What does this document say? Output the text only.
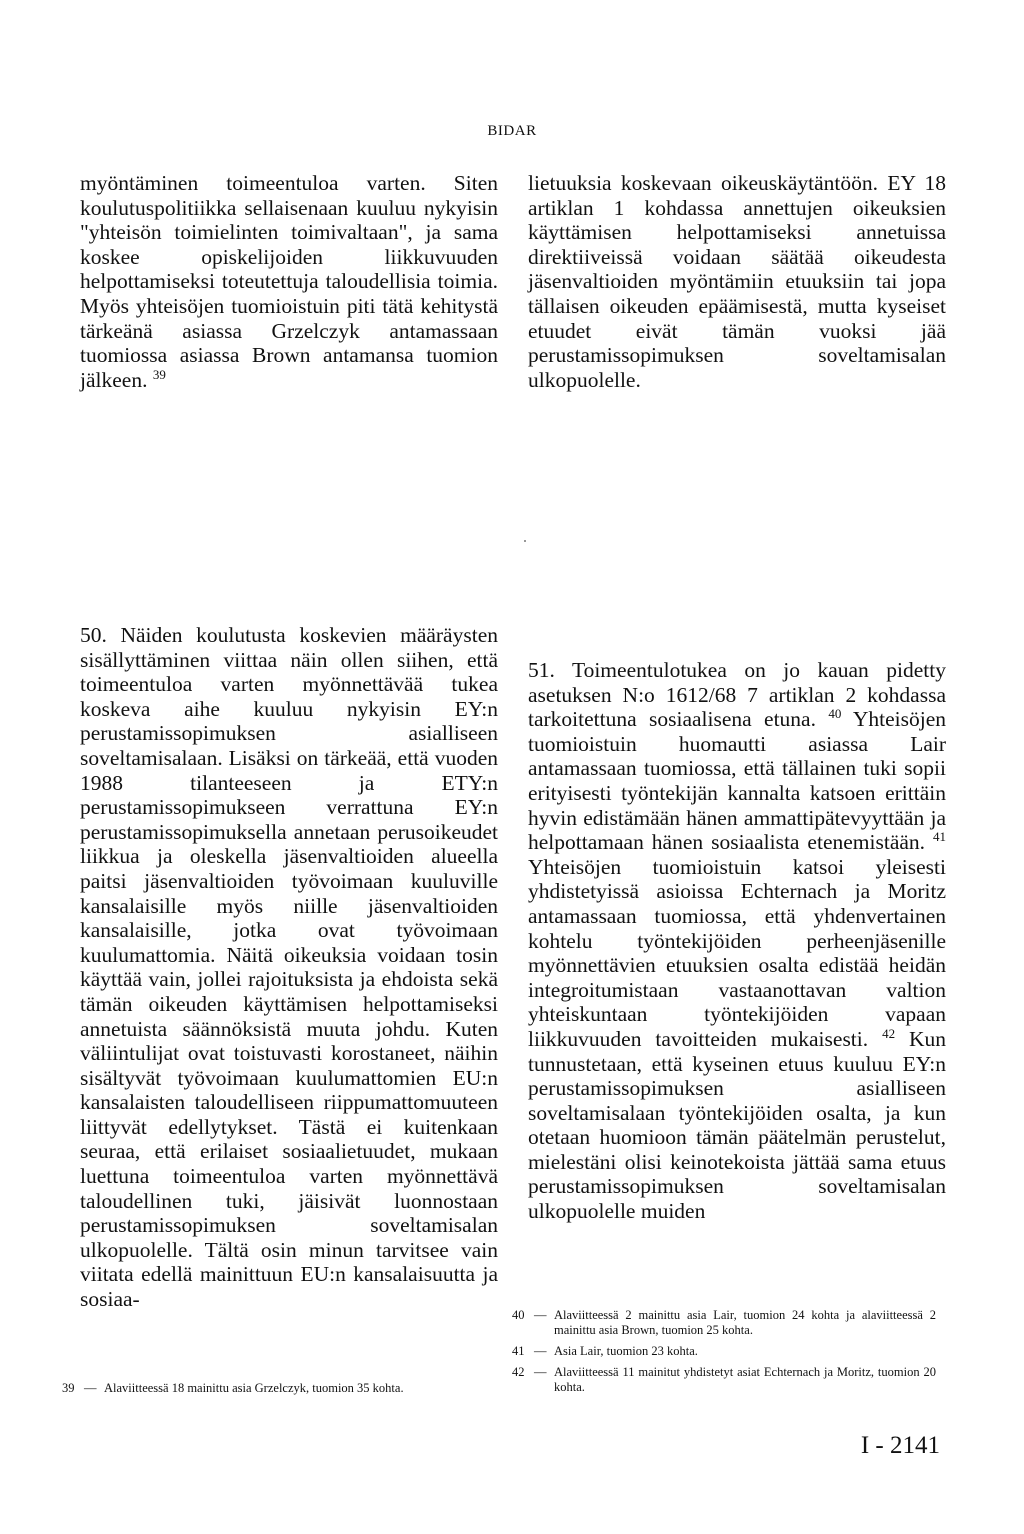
BIDAR

myöntäminen toimeentuloa varten. Siten koulutuspolitiikka sellaisenaan kuuluu nykyisin "yhteisön toimielinten toimivaltaan", ja sama koskee opiskelijoiden liikkuvuuden helpottamiseksi toteutettuja taloudellisia toimia. Myös yhteisöjen tuomioistuin piti tätä kehitystä tärkeänä asiassa Grzelczyk antamassaan tuomiossa asiassa Brown antamansa tuomion jälkeen. $^{39}$

lietuuksia koskevaan oikeuskäytäntöön. EY 18 artiklan 1 kohdassa annettujen oikeuksien käyttämisen helpottamiseksi annetuissa direktiiveissä voidaan säätää oikeudesta jäsenvaltioiden myöntämiin etuuksiin tai jopa tällaisen oikeuden epäämisestä, mutta kyseiset etuudet eivät tämän vuoksi jää perustamissopimuksen soveltamisalan ulkopuolelle.

50. Näiden koulutusta koskevien määräysten sisällyttäminen viittaa näin ollen siihen, että toimeentuloa varten myönnettävää tukea koskeva aihe kuuluu nykyisin EY:n perustamissopimuksen asialliseen soveltamisalaan. Lisäksi on tärkeää, että vuoden 1988 tilanteeseen ja ETY:n perustamissopimukseen verrattuna EY:n perustamissopimuksella annetaan perusoikeudet liikkua ja oleskella jäsenvaltioiden alueella paitsi jäsenvaltioiden työvoimaan kuuluville kansalaisille myös niille jäsenvaltioiden kansalaisille, jotka ovat työvoimaan kuulumattomia. Näitä oikeuksia voidaan tosin käyttää vain, jollei rajoituksista ja ehdoista sekä tämän oikeuden käyttämisen helpottamiseksi annetuista säännöksistä muuta johdu. Kuten väliintulijat ovat toistuvasti korostaneet, näihin sisältyvät työvoimaan kuulumattomien EU:n kansalaisten taloudelliseen riippumattomuuteen liittyvät edellytykset. Tästä ei kuitenkaan seuraa, että erilaiset sosiaalietuudet, mukaan luettuna toimeentuloa varten myönnettävä taloudellinen tuki, jäisivät luonnostaan perustamissopimuksen soveltamisalan ulkopuolelle. Tältä osin minun tarvitsee vain viitata edellä mainittuun EU:n kansalaisuutta ja sosiaa-

51. Toimeentulotukea on jo kauan pidetty asetuksen N:o 1612/68 7 artiklan 2 kohdassa tarkoitettuna sosiaalisena etuna. $^{40}$ Yhteisöjen tuomioistuin huomautti asiassa Lair antamassaan tuomiossa, että tällainen tuki sopii erityisesti työntekijän kannalta katsoen erittäin hyvin edistämään hänen ammattipätevyyttään ja helpottamaan hänen sosiaalista etenemistään. $^{41}$ Yhteisöjen tuomioistuin katsoi yleisesti yhdistetyissä asioissa Echternach ja Moritz antamassaan tuomiossa, että yhdenvertainen kohtelu työntekijöiden perheenjäsenille myönnettävien etuuksien osalta edistää heidän integroitumistaan vastaanottavan valtion yhteiskuntaan työntekijöiden vapaan liikkuvuuden tavoitteiden mukaisesti. $^{42}$ Kun tunnustetaan, että kyseinen etuus kuuluu EY:n perustamissopimuksen asialliseen soveltamisalaan työntekijöiden osalta, ja kun otetaan huomioon tämän päätelmän perustelut, mielestäni olisi keinotekoista jättää sama etuus perustamissopimuksen soveltamisalan ulkopuolelle muiden

39 — Alaviitteessä 18 mainittu asia Grzelczyk, tuomion 35 kohta.
40 — Alaviitteessä 2 mainittu asia Lair, tuomion 24 kohta ja alaviitteessä 2 mainittu asia Brown, tuomion 25 kohta.
41 — Asia Lair, tuomion 23 kohta.
42 — Alaviitteessä 11 mainitut yhdistetyt asiat Echternach ja Moritz, tuomion 20 kohta.
I - 2141
